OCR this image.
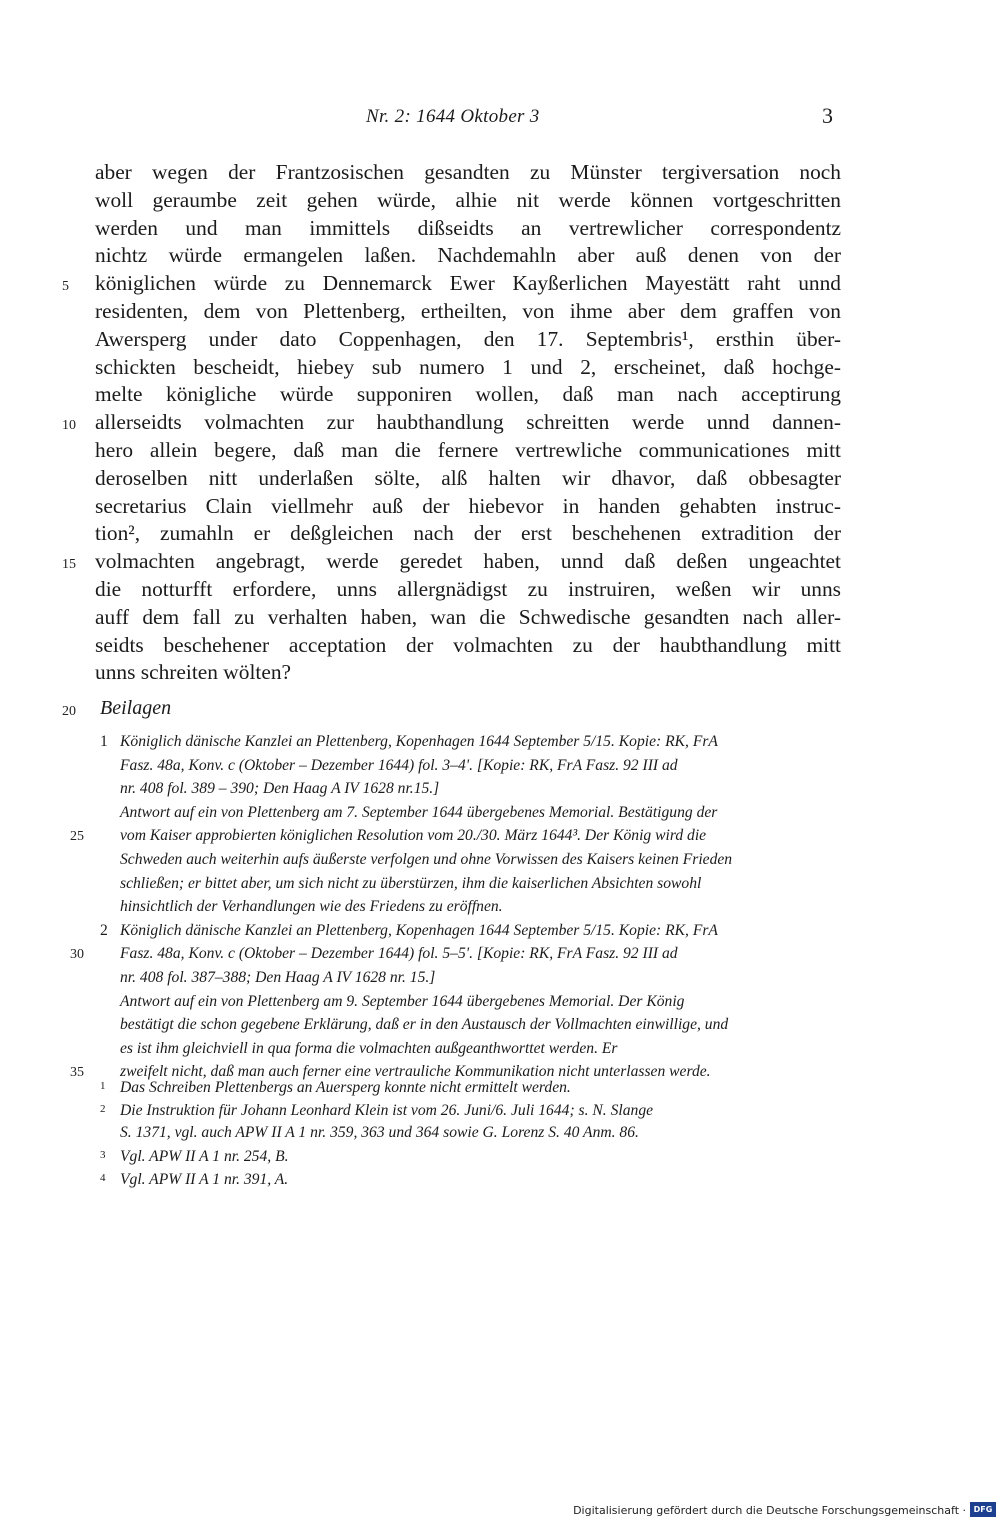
Nr. 2: 1644 Oktober 3	3
aber wegen der Frantzosischen gesandten zu Münster tergiversation noch
woll geraumbe zeit gehen würde, alhie nit werde können vortgeschritten
werden und man immittels dißseidts an vertrewlicher correspondentz
nichtz würde ermangelen laßen. Nachdemahln aber auß denen von der
königlichen würde zu Dennemarck Ewer Kayßerlichen Mayestätt raht unnd
residenten, dem von Plettenberg, ertheilten, von ihme aber dem graffen von
Awersperg under dato Coppenhagen, den 17. Septembris¹, ersthin über-
schickten bescheidt, hiebey sub numero 1 und 2, erscheinet, daß hochge-
melte königliche würde supponiren wollen, daß man nach acceptirung
allerseidts volmachten zur haubthandlung schreitten werde unnd dannen-
hero allein begere, daß man die fernere vertrewliche communicationes mitt
deroselben nitt underlaßen sölte, alß halten wir dhavor, daß obbesagter
secretarius Clain viellmehr auß der hiebevor in handen gehabten instruc-
tion², zumahln er deßgleichen nach der erst beschehenen extradition der
volmachten angebragt, werde geredet haben, unnd daß deßen ungeachtet
die notturfft erfordere, unns allergnädigst zu instruiren, weßen wir unns
auff dem fall zu verhalten haben, wan die Schwedische gesandten nach aller-
seidts beschehener acceptation der volmachten zu der haubthandlung mitt
unns schreiten wölten?
Beilagen
1 Königlich dänische Kanzlei an Plettenberg, Kopenhagen 1644 September 5/15. Kopie: RK, FrA
Fasz. 48a, Konv. c (Oktober – Dezember 1644) fol. 3–4'. [Kopie: RK, FrA Fasz. 92 III ad
nr. 408 fol. 389 – 390; Den Haag A IV 1628 nr.15.]
Antwort auf ein von Plettenberg am 7. September 1644 übergebenes Memorial. Bestätigung der
vom Kaiser approbierten königlichen Resolution vom 20./30. März 1644³. Der König wird die
Schweden auch weiterhin aufs äußerste verfolgen und ohne Vorwissen des Kaisers keinen Frieden
schließen; er bittet aber, um sich nicht zu überstürzen, ihm die kaiserlichen Absichten sowohl
hinsichtlich der Verhandlungen wie des Friedens zu eröffnen.
2 Königlich dänische Kanzlei an Plettenberg, Kopenhagen 1644 September 5/15. Kopie: RK, FrA
Fasz. 48a, Konv. c (Oktober – Dezember 1644) fol. 5–5'. [Kopie: RK, FrA Fasz. 92 III ad
nr. 408 fol. 387–388; Den Haag A IV 1628 nr. 15.]
Antwort auf ein von Plettenberg am 9. September 1644 übergebenes Memorial. Der König
bestätigt die schon gegebene Erklärung, daß er in den Austausch der Vollmachten einwillige, und
es ist ihm gleichviell in qua forma die volmachten außgeanthworttet werden. Er
zweifelt nicht, daß man auch ferner eine vertrauliche Kommunikation nicht unterlassen werde.
1 Das Schreiben Plettenbergs an Auersperg konnte nicht ermittelt werden.
2 Die Instruktion für Johann Leonhard Klein ist vom 26. Juni/6. Juli 1644; s. N. Slange
S. 1371, vgl. auch APW II A 1 nr. 359, 363 und 364 sowie G. Lorenz S. 40 Anm. 86.
3 Vgl. APW II A 1 nr. 254, B.
4 Vgl. APW II A 1 nr. 391, A.
Digitalisierung gefördert durch die Deutsche Forschungsgemeinschaft · DFG
5
10
15
20
25
30
35
